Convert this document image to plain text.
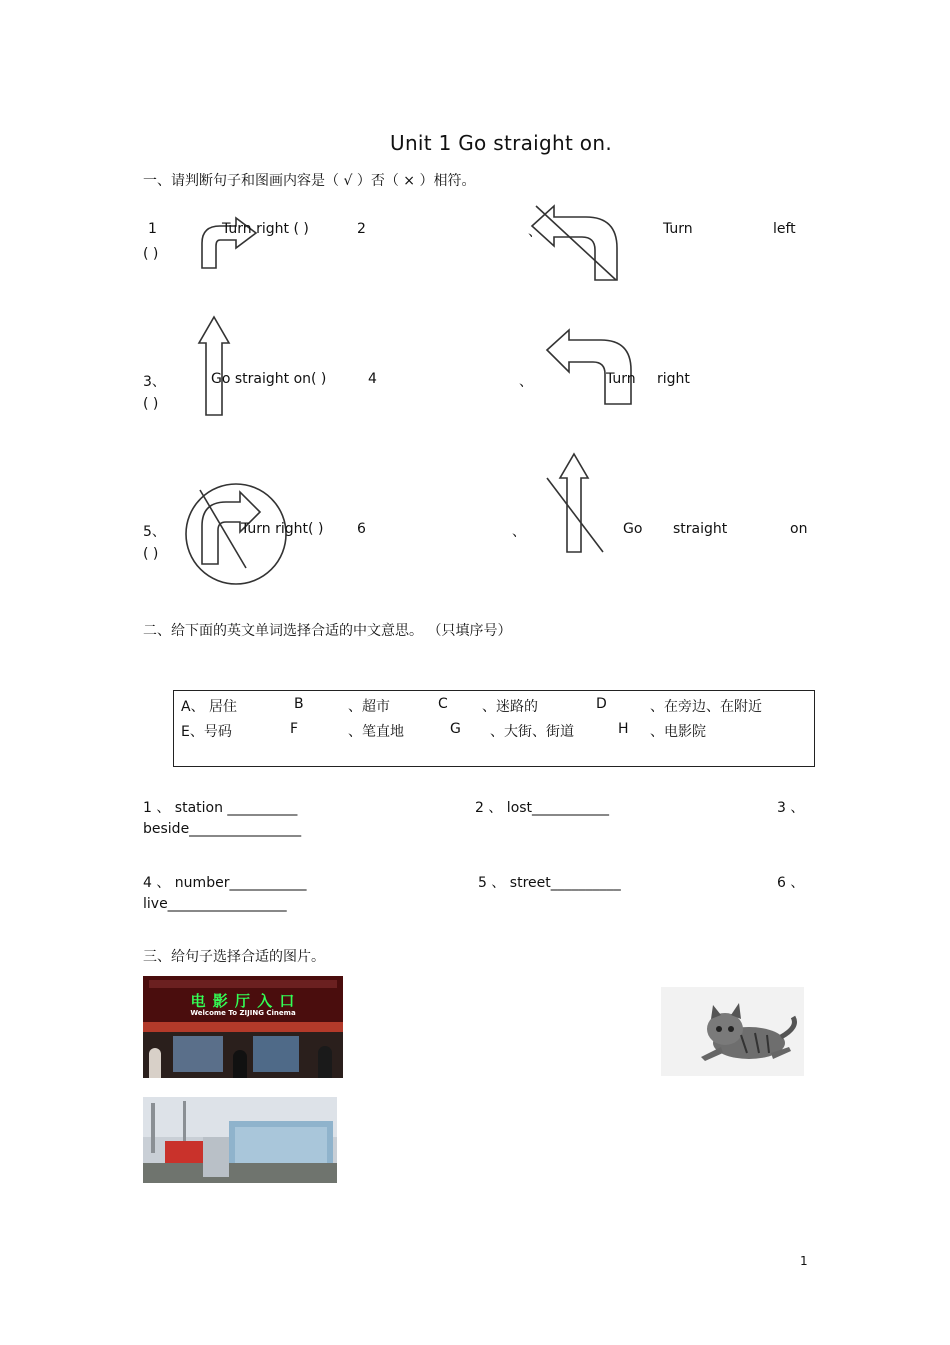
Unit 1 Go straight on.
一、请判断句子和图画内容是（ √ ）否（ × ）相符。
1	Turn right ( )	2
( )
、	Turn	left
3、	Go straight on( )
( )
4	、	Turn right
5、	Turn right( )
( )
6	、	Go straight	on
二、给下面的英文单词选择合适的中文意思。 （只填序号）
A、 居住	B	、超市	C 、迷路的	D	、在旁边、在附近
E、号码	F	、笔直地	G 、大街、街道	H 、电影院
1 、 station __________	2 、 lost___________	3 、
beside________________
4 、 number___________	5 、 street__________	6 、
live_________________
三、给句子选择合适的图片。
电 影 厅 入 口
Welcome To ZIJING Cinema
1
